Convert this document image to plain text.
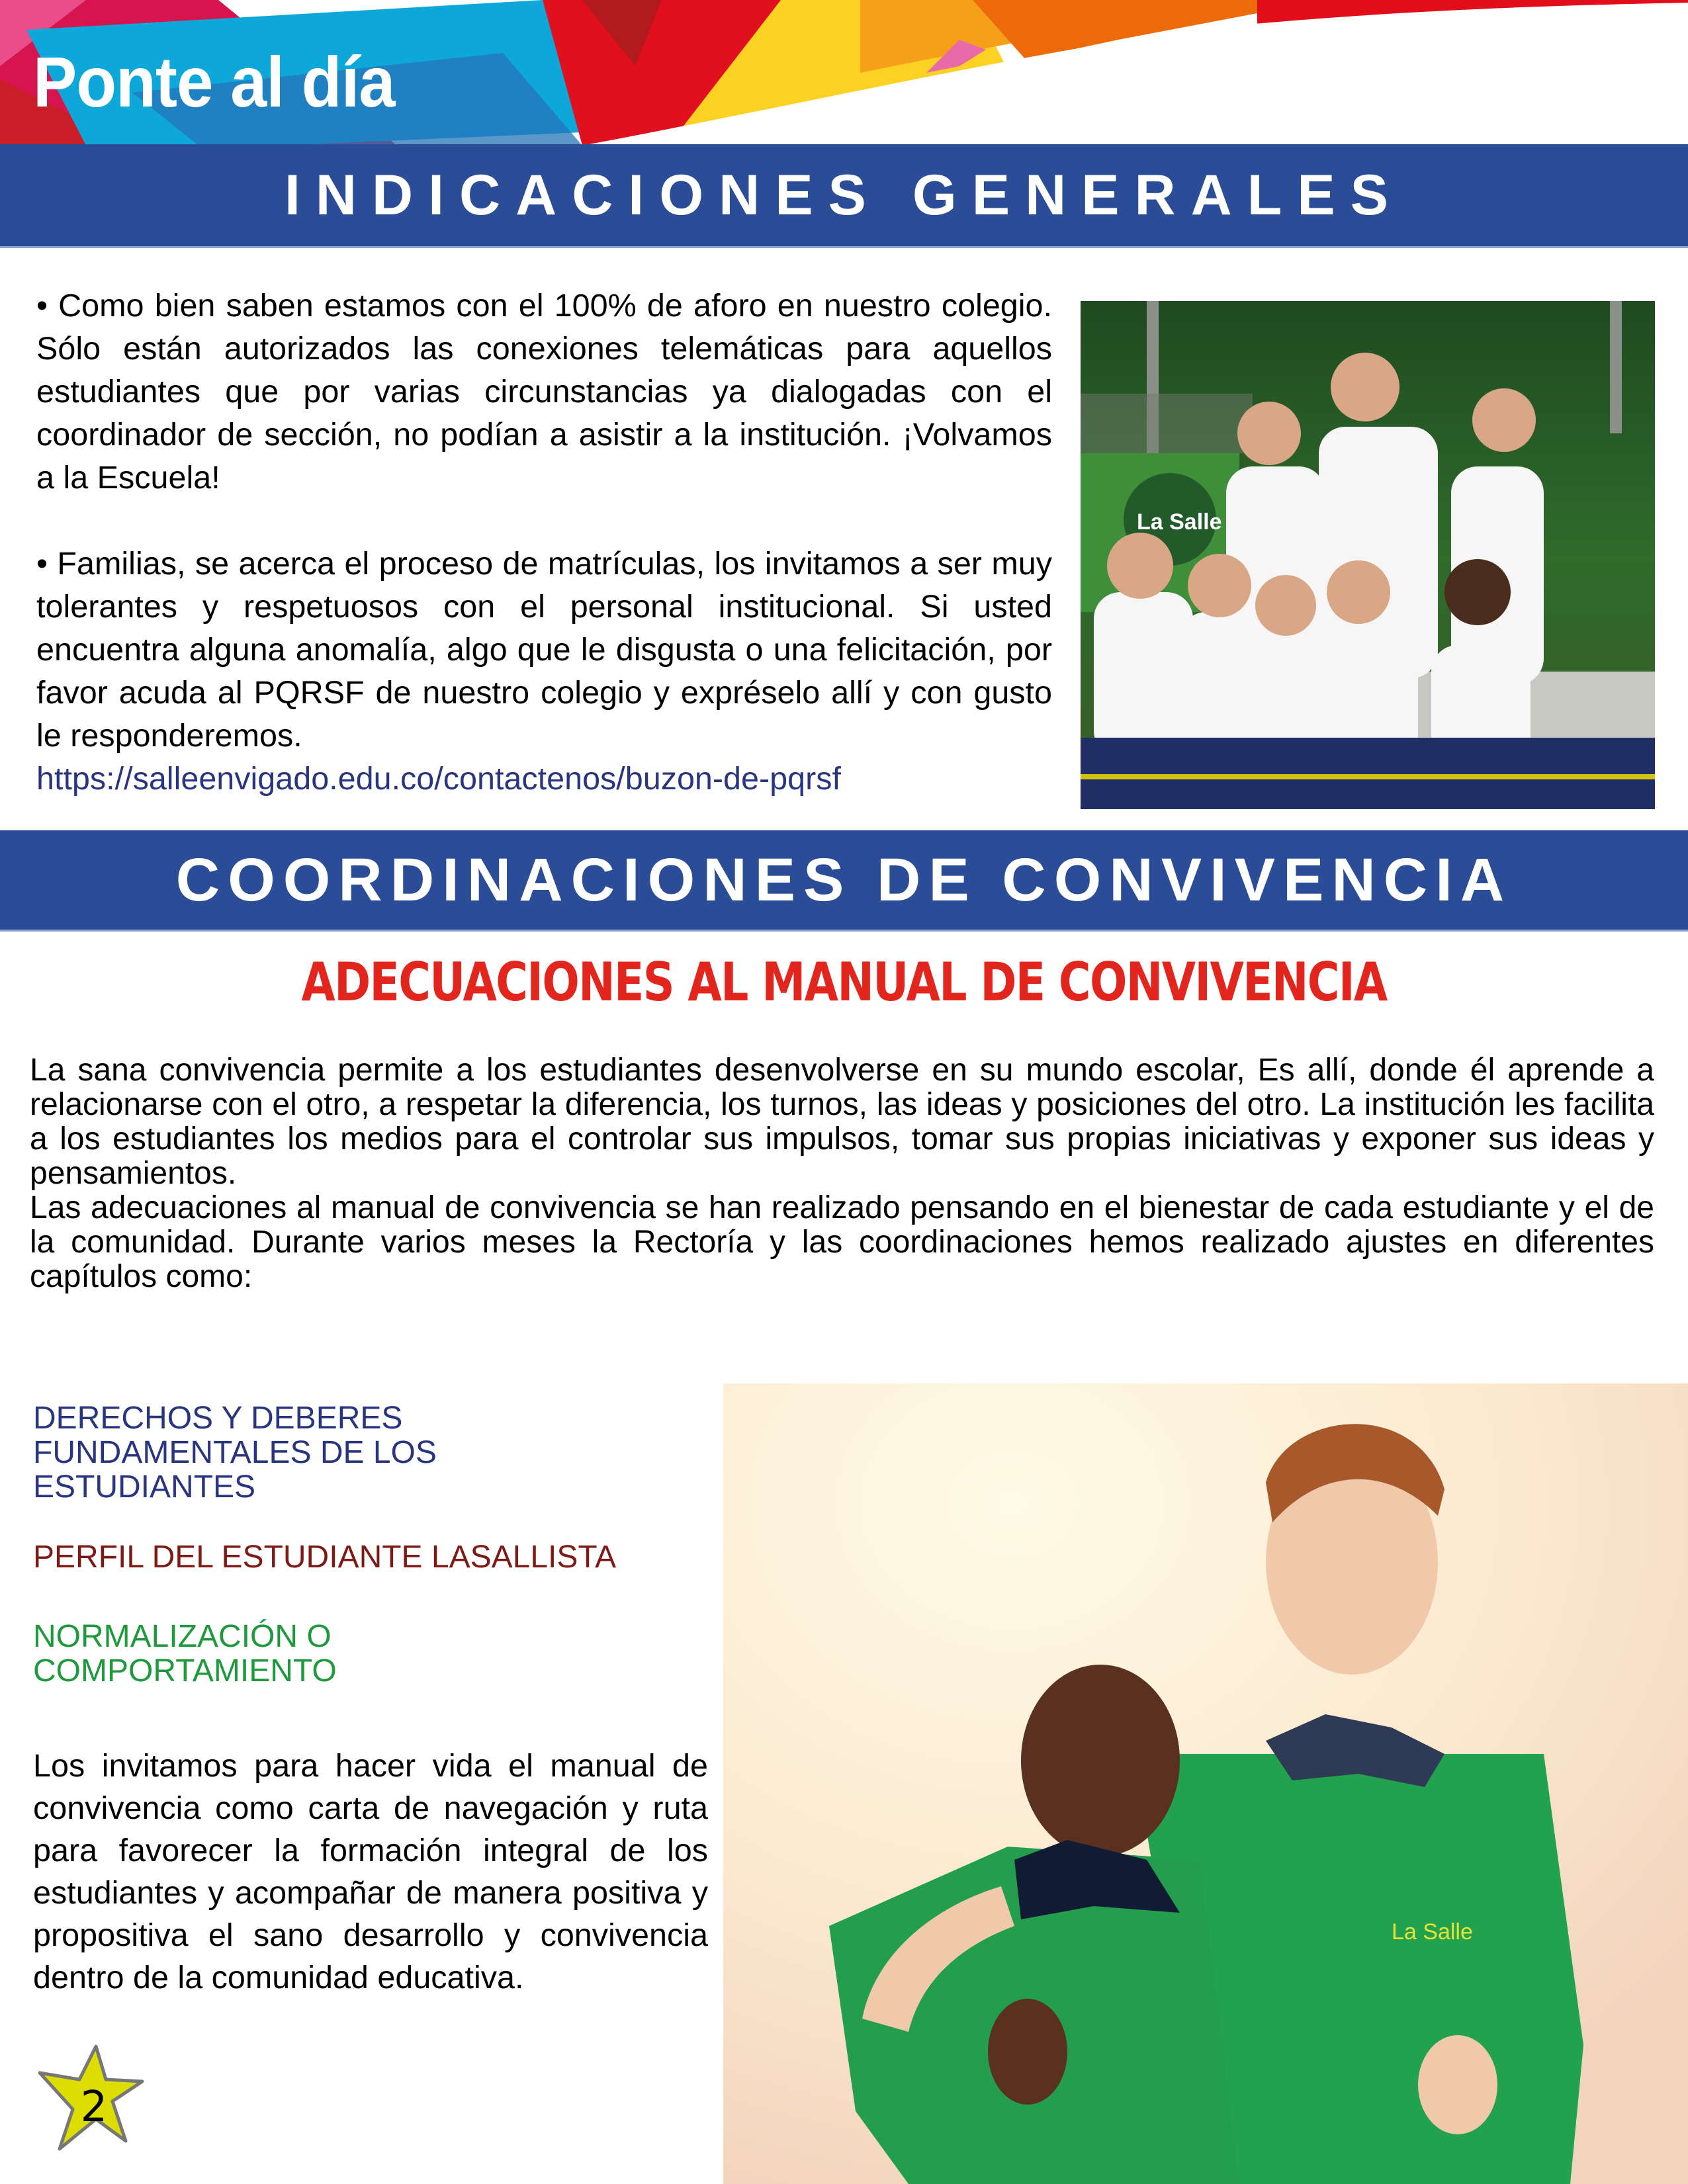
Ponte al día
INDICACIONES GENERALES

• Como bien saben estamos con el 100% de aforo en nuestro colegio. Sólo están autorizados las conexiones telemáticas para aquellos estudiantes que por varias circunstancias ya dialogadas con el coordinador de sección, no podían a asistir a la institución. ¡Volvamos a la Escuela!

• Familias, se acerca el proceso de matrículas, los invitamos a ser muy tolerantes y respetuosos con el personal institucional. Si usted encuentra alguna anomalía, algo que le disgusta o una felicitación, por favor acuda al PQRSF de nuestro colegio y expréselo allí y con gusto le responderemos.

https://salleenvigado.edu.co/contactenos/buzon-de-pqrsf

La Salle
COORDINACIONES DE CONVIVENCIA
ADECUACIONES AL MANUAL DE CONVIVENCIA

La sana convivencia permite a los estudiantes desenvolverse en su mundo escolar, Es allí, donde él aprende a relacionarse con el otro, a respetar la diferencia, los turnos, las ideas y posiciones del otro. La institución les facilita a los estudiantes los medios para el controlar sus impulsos, tomar sus propias iniciativas y exponer sus ideas y pensamientos.

Las adecuaciones al manual de convivencia se han realizado pensando en el bienestar de cada estudiante y el de la comunidad. Durante varios meses la Rectoría y las coordinaciones hemos realizado ajustes en diferentes capítulos como:

DERECHOS Y DEBERES FUNDAMENTALES DE LOS ESTUDIANTES
PERFIL DEL ESTUDIANTE LASALLISTA
NORMALIZACIÓN O COMPORTAMIENTO
Los invitamos para hacer vida el manual de convivencia como carta de navegación y ruta para favorecer la formación integral de los estudiantes y acompañar de manera positiva y propositiva el sano desarrollo y convivencia dentro de la comunidad educativa.
La Salle
2
